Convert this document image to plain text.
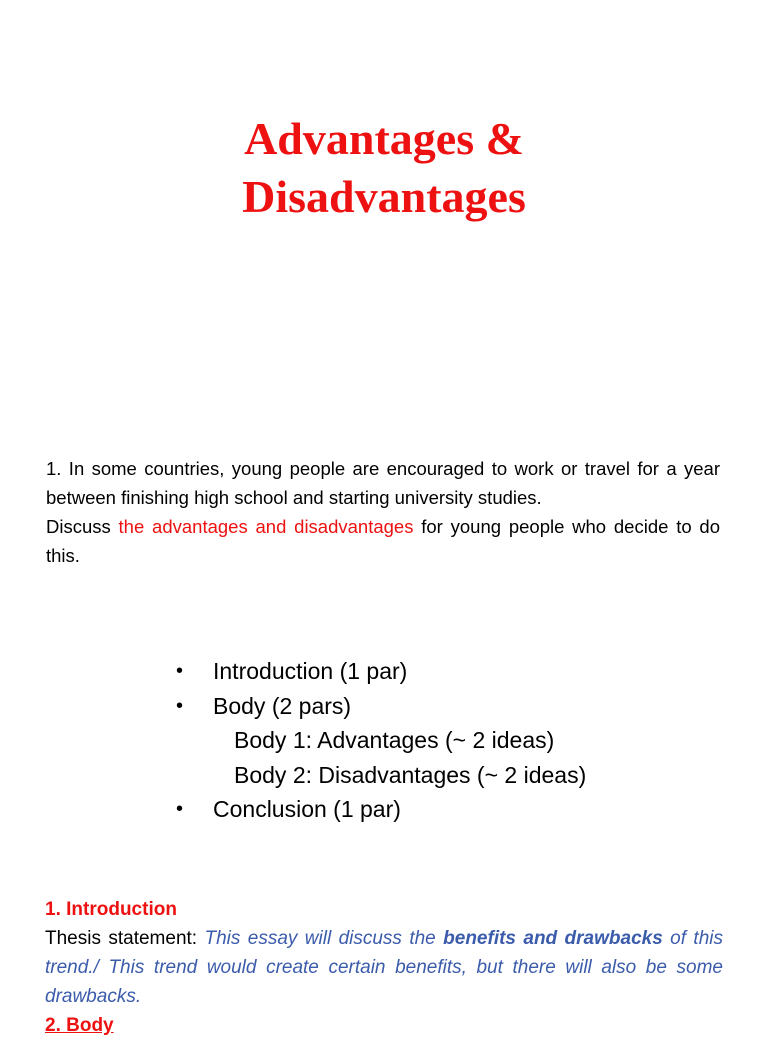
Advantages &
Disadvantages

1. In some countries, young people are encouraged to work or travel for a year between finishing high school and starting university studies.

Discuss the advantages and disadvantages for young people who decide to do this.

• Introduction (1 par)
• Body (2 pars)
Body 1: Advantages (~ 2 ideas)
Body 2: Disadvantages (~ 2 ideas)
• Conclusion (1 par)

1. Introduction

Thesis statement: This essay will discuss the benefits and drawbacks of this trend./ This trend would create certain benefits, but there will also be some drawbacks.

2. Body
